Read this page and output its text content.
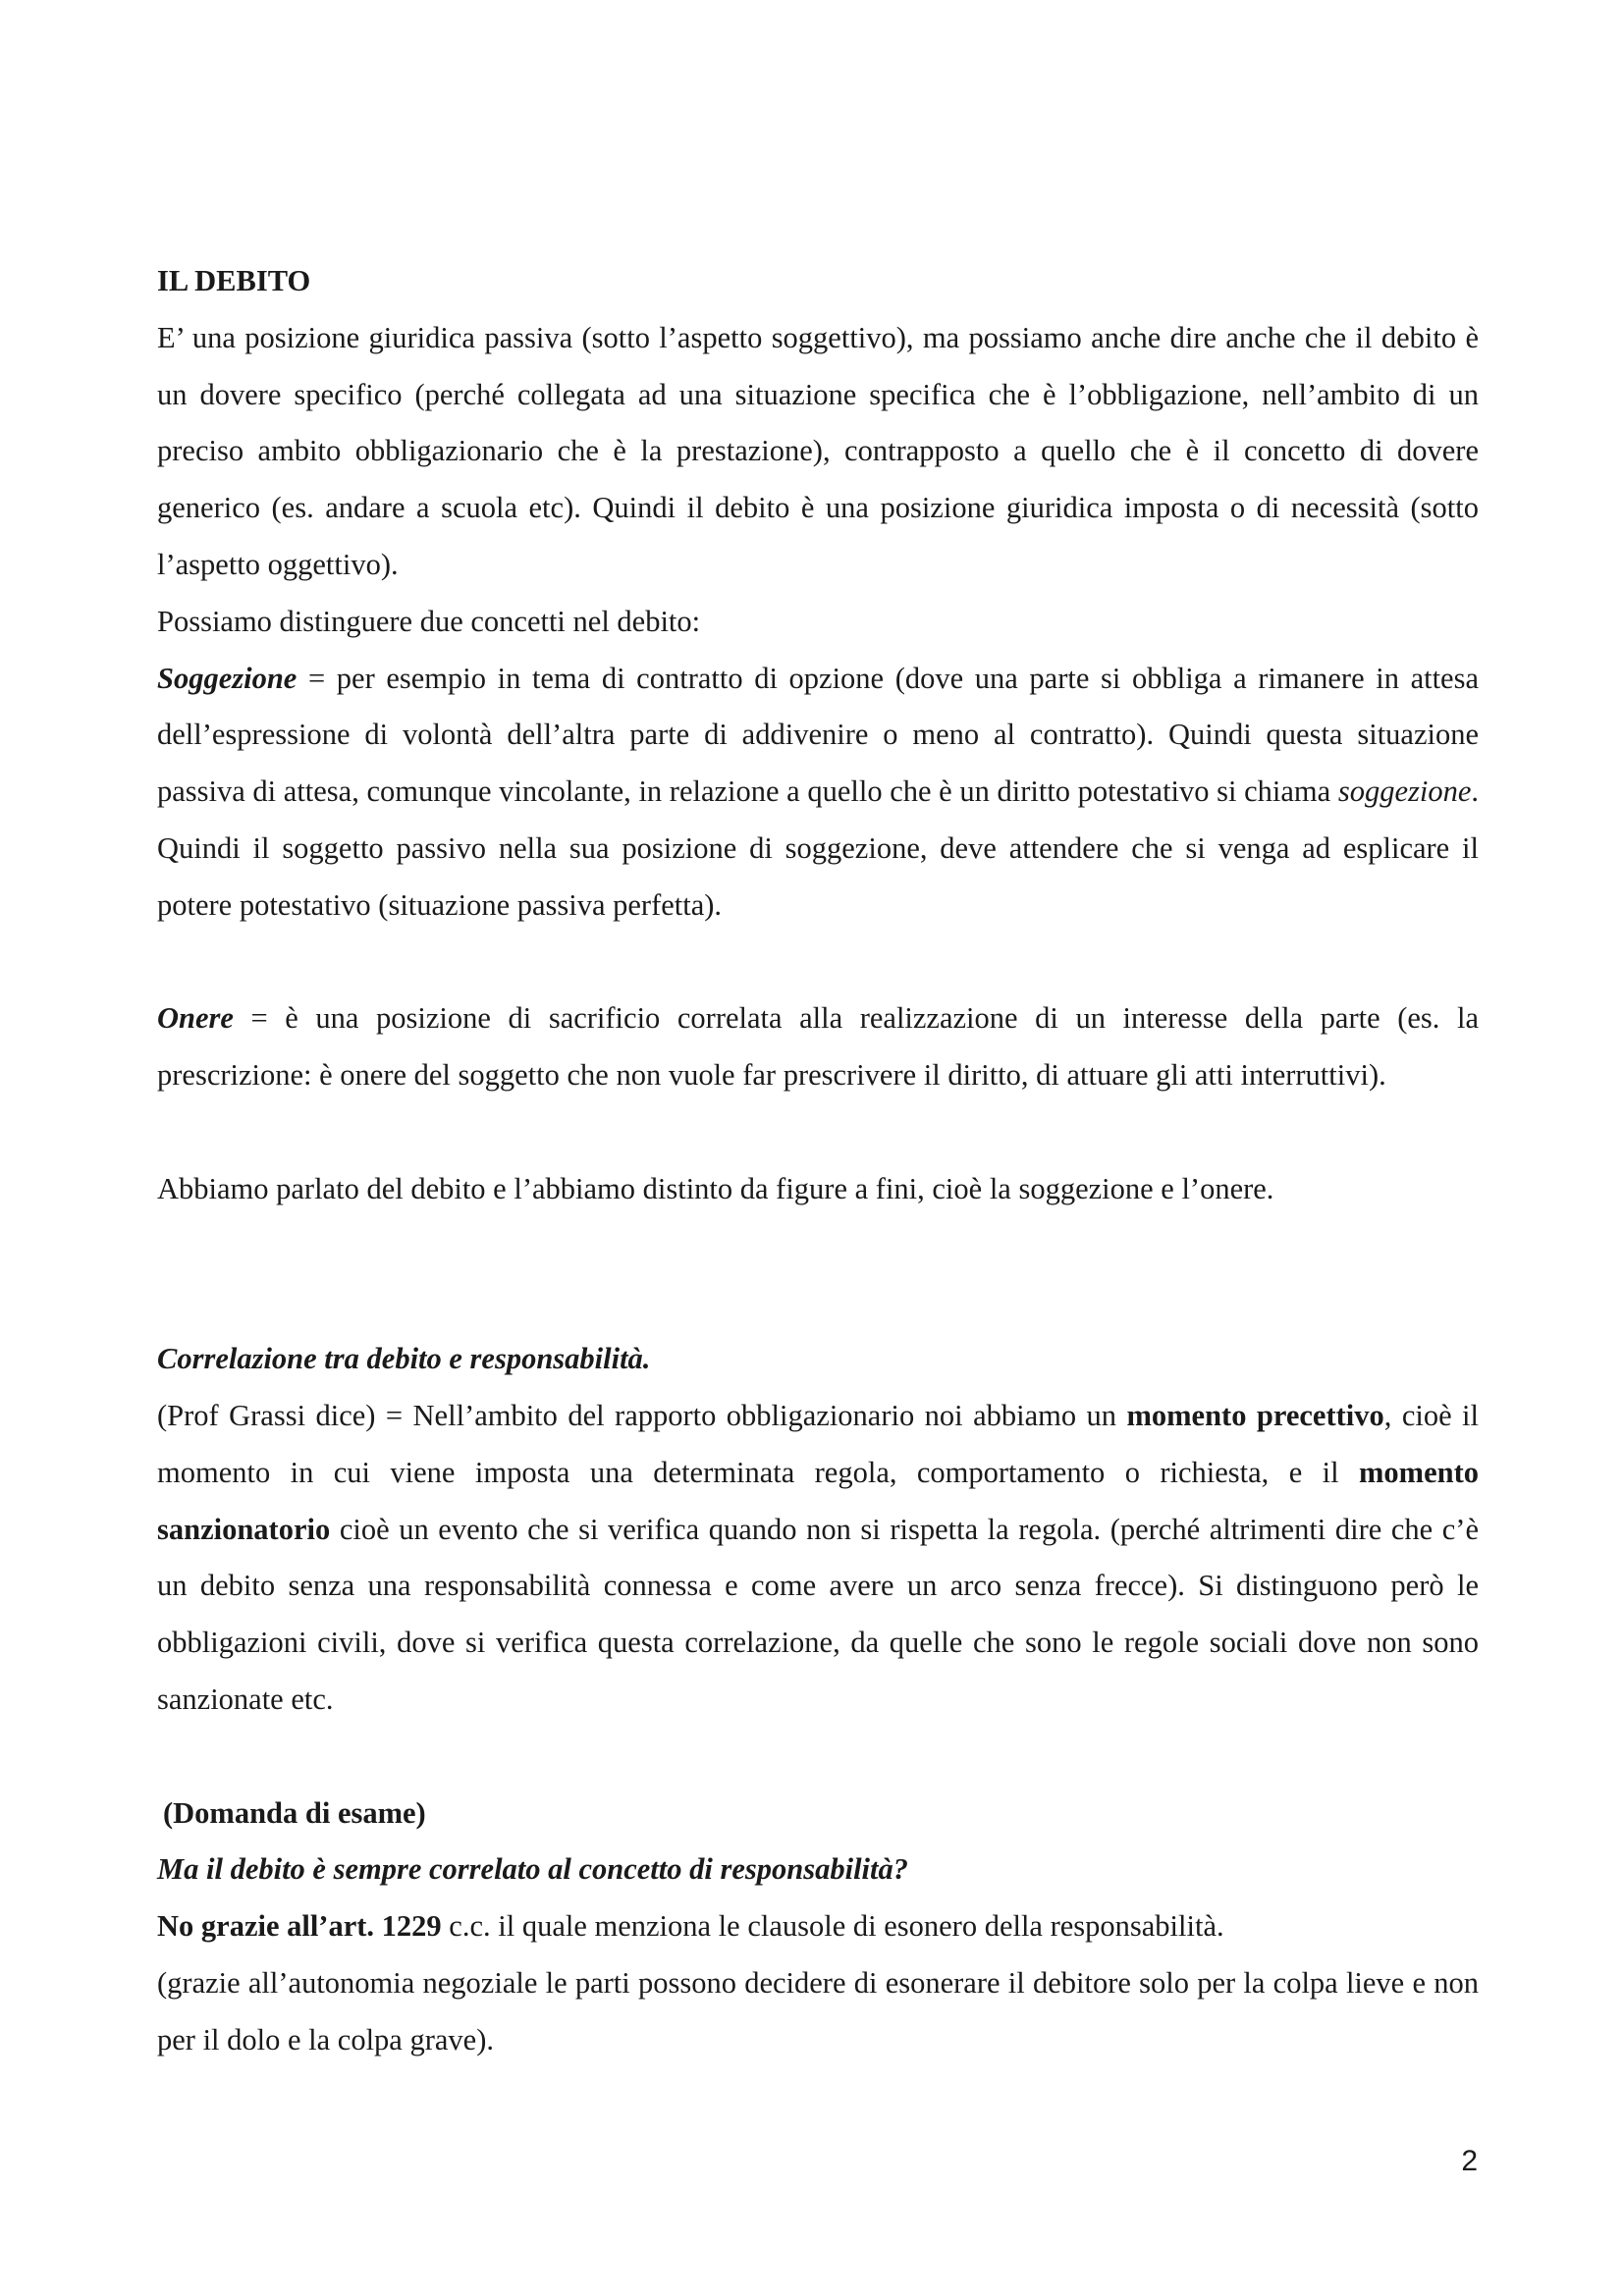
IL DEBITO

E’ una posizione giuridica passiva (sotto l’aspetto soggettivo), ma possiamo anche dire anche che il debito è un dovere specifico (perché collegata ad una situazione specifica che è l’obbligazione, nell’ambito di un preciso ambito obbligazionario che è la prestazione), contrapposto a quello che è il concetto di dovere generico (es. andare a scuola etc). Quindi il debito è una posizione giuridica imposta o di necessità (sotto l’aspetto oggettivo).

Possiamo distinguere due concetti nel debito:

Soggezione = per esempio in tema di contratto di opzione (dove una parte si obbliga a rimanere in attesa dell’espressione di volontà dell’altra parte di addivenire o meno al contratto). Quindi questa situazione passiva di attesa, comunque vincolante, in relazione a quello che è un diritto potestativo si chiama soggezione. Quindi il soggetto passivo nella sua posizione di soggezione, deve attendere che si venga ad esplicare il potere potestativo (situazione passiva perfetta).

Onere = è una posizione di sacrificio correlata alla realizzazione di un interesse della parte (es. la prescrizione: è onere del soggetto che non vuole far prescrivere il diritto, di attuare gli atti interruttivi).

Abbiamo parlato del debito e l’abbiamo distinto da figure a fini, cioè la soggezione e l’onere.

Correlazione tra debito e responsabilità.

(Prof Grassi dice) = Nell’ambito del rapporto obbligazionario noi abbiamo un momento precettivo, cioè il momento in cui viene imposta una determinata regola, comportamento o richiesta, e il momento sanzionatorio cioè un evento che si verifica quando non si rispetta la regola. (perché altrimenti dire che c’è un debito senza una responsabilità connessa e come avere un arco senza frecce). Si distinguono però le obbligazioni civili, dove si verifica questa correlazione, da quelle che sono le regole sociali dove non sono sanzionate etc.

(Domanda di esame)

Ma il debito è sempre correlato al concetto di responsabilità?

No grazie all’art. 1229 c.c. il quale menziona le clausole di esonero della responsabilità.

(grazie all’autonomia negoziale le parti possono decidere di esonerare il debitore solo per la colpa lieve e non per il dolo e la colpa grave).

2
